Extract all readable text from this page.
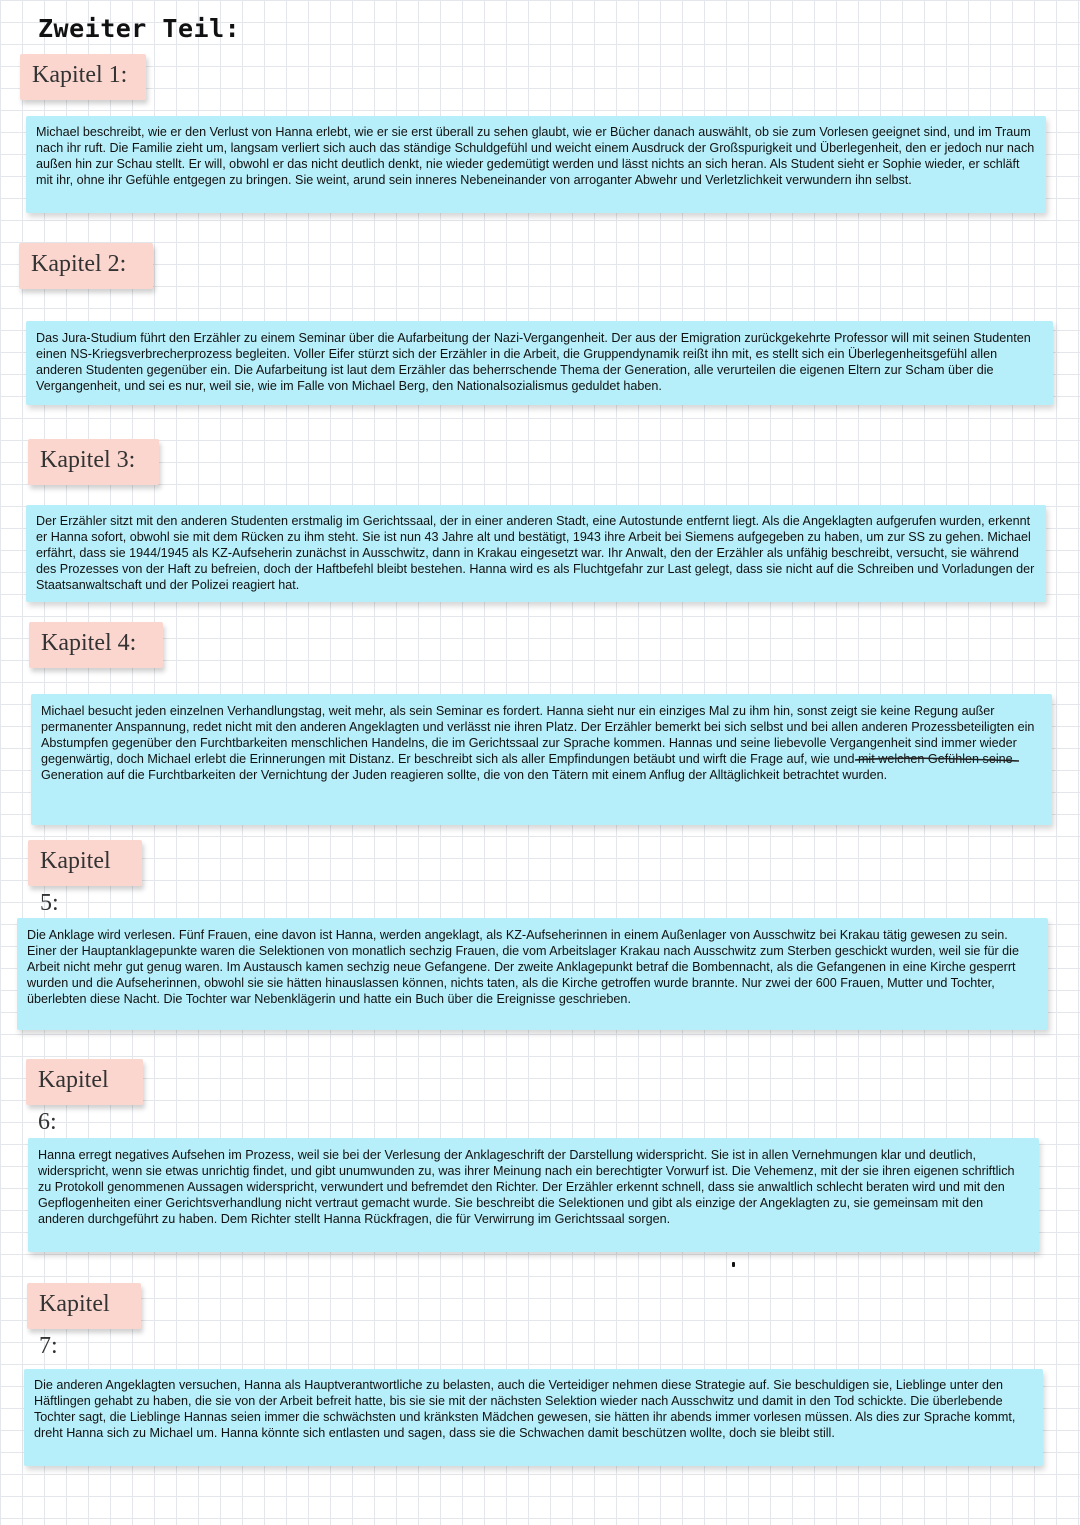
Zweiter Teil:
Kapitel 1:

Michael beschreibt, wie er den Verlust von Hanna erlebt, wie er sie erst überall zu sehen glaubt, wie er Bücher danach auswählt, ob sie zum Vorlesen geeignet sind, und im Traum nach ihr ruft. Die Familie zieht um, langsam verliert sich auch das ständige Schuldgefühl und weicht einem Ausdruck der Großspurigkeit und Überlegenheit, den er jedoch nur nach außen hin zur Schau stellt. Er will, obwohl er das nicht deutlich denkt, nie wieder gedemütigt werden und lässt nichts an sich heran. Als Student sieht er Sophie wieder, er schläft mit ihr, ohne ihr Gefühle entgegen zu bringen. Sie weint, arund sein inneres Nebeneinander von arroganter Abwehr und Verletzlichkeit verwundern ihn selbst.

Kapitel 2:

Das Jura-Studium führt den Erzähler zu einem Seminar über die Aufarbeitung der Nazi-Vergangenheit. Der aus der Emigration zurückgekehrte Professor will mit seinen Studenten einen NS-Kriegsverbrecherprozess begleiten. Voller Eifer stürzt sich der Erzähler in die Arbeit, die Gruppendynamik reißt ihn mit, es stellt sich ein Überlegenheitsgefühl allen anderen Studenten gegenüber ein. Die Aufarbeitung ist laut dem Erzähler das beherrschende Thema der Generation, alle verurteilen die eigenen Eltern zur Scham über die Vergangenheit, und sei es nur, weil sie, wie im Falle von Michael Berg, den Nationalsozialismus geduldet haben.

Kapitel 3:

Der Erzähler sitzt mit den anderen Studenten erstmalig im Gerichtssaal, der in einer anderen Stadt, eine Autostunde entfernt liegt. Als die Angeklagten aufgerufen wurden, erkennt er Hanna sofort, obwohl sie mit dem Rücken zu ihm steht. Sie ist nun 43 Jahre alt und bestätigt, 1943 ihre Arbeit bei Siemens aufgegeben zu haben, um zur SS zu gehen. Michael erfährt, dass sie 1944/1945 als KZ-Aufseherin zunächst in Ausschwitz, dann in Krakau eingesetzt war. Ihr Anwalt, den der Erzähler als unfähig beschreibt, versucht, sie während des Prozesses von der Haft zu befreien, doch der Haftbefehl bleibt bestehen. Hanna wird es als Fluchtgefahr zur Last gelegt, dass sie nicht auf die Schreiben und Vorladungen der Staatsanwaltschaft und der Polizei reagiert hat.

Kapitel 4:

Michael besucht jeden einzelnen Verhandlungstag, weit mehr, als sein Seminar es fordert. Hanna sieht nur ein einziges Mal zu ihm hin, sonst zeigt sie keine Regung außer permanenter Anspannung, redet nicht mit den anderen Angeklagten und verlässt nie ihren Platz. Der Erzähler bemerkt bei sich selbst und bei allen anderen Prozessbeteiligten ein Abstumpfen gegenüber den Furchtbarkeiten menschlichen Handelns, die im Gerichtssaal zur Sprache kommen. Hannas und seine liebevolle Vergangenheit sind immer wieder gegenwärtig, doch Michael erlebt die Erinnerungen mit Distanz. Er beschreibt sich als aller Empfindungen betäubt und wirft die Frage auf, wie und mit welchen Gefühlen seine Generation auf die Furchtbarkeiten der Vernichtung der Juden reagieren sollte, die von den Tätern mit einem Anflug der Alltäglichkeit betrachtet wurden.

Kapitel 5:

Die Anklage wird verlesen. Fünf Frauen, eine davon ist Hanna, werden angeklagt, als KZ-Aufseherinnen in einem Außenlager von Ausschwitz bei Krakau tätig gewesen zu sein. Einer der Hauptanklagepunkte waren die Selektionen von monatlich sechzig Frauen, die vom Arbeitslager Krakau nach Ausschwitz zum Sterben geschickt wurden, weil sie für die Arbeit nicht mehr gut genug waren. Im Austausch kamen sechzig neue Gefangene. Der zweite Anklagepunkt betraf die Bombennacht, als die Gefangenen in eine Kirche gesperrt wurden und die Aufseherinnen, obwohl sie sie hätten hinauslassen können, nichts taten, als die Kirche getroffen wurde brannte. Nur zwei der 600 Frauen, Mutter und Tochter, überlebten diese Nacht. Die Tochter war Nebenklägerin und hatte ein Buch über die Ereignisse geschrieben.

Kapitel 6:

Hanna erregt negatives Aufsehen im Prozess, weil sie bei der Verlesung der Anklageschrift der Darstellung widerspricht. Sie ist in allen Vernehmungen klar und deutlich, widerspricht, wenn sie etwas unrichtig findet, und gibt unumwunden zu, was ihrer Meinung nach ein berechtigter Vorwurf ist. Die Vehemenz, mit der sie ihren eigenen schriftlich zu Protokoll genommenen Aussagen widerspricht, verwundert und befremdet den Richter. Der Erzähler erkennt schnell, dass sie anwaltlich schlecht beraten wird und mit den Gepflogenheiten einer Gerichtsverhandlung nicht vertraut gemacht wurde. Sie beschreibt die Selektionen und gibt als einzige der Angeklagten zu, sie gemeinsam mit den anderen durchgeführt zu haben. Dem Richter stellt Hanna Rückfragen, die für Verwirrung im Gerichtssaal sorgen.

Kapitel 7:

Die anderen Angeklagten versuchen, Hanna als Hauptverantwortliche zu belasten, auch die Verteidiger nehmen diese Strategie auf. Sie beschuldigen sie, Lieblinge unter den Häftlingen gehabt zu haben, die sie von der Arbeit befreit hatte, bis sie sie mit der nächsten Selektion wieder nach Ausschwitz und damit in den Tod schickte. Die überlebende Tochter sagt, die Lieblinge Hannas seien immer die schwächsten und kränksten Mädchen gewesen, sie hätten ihr abends immer vorlesen müssen. Als dies zur Sprache kommt, dreht Hanna sich zu Michael um. Hanna könnte sich entlasten und sagen, dass sie die Schwachen damit beschützen wollte, doch sie bleibt still.
